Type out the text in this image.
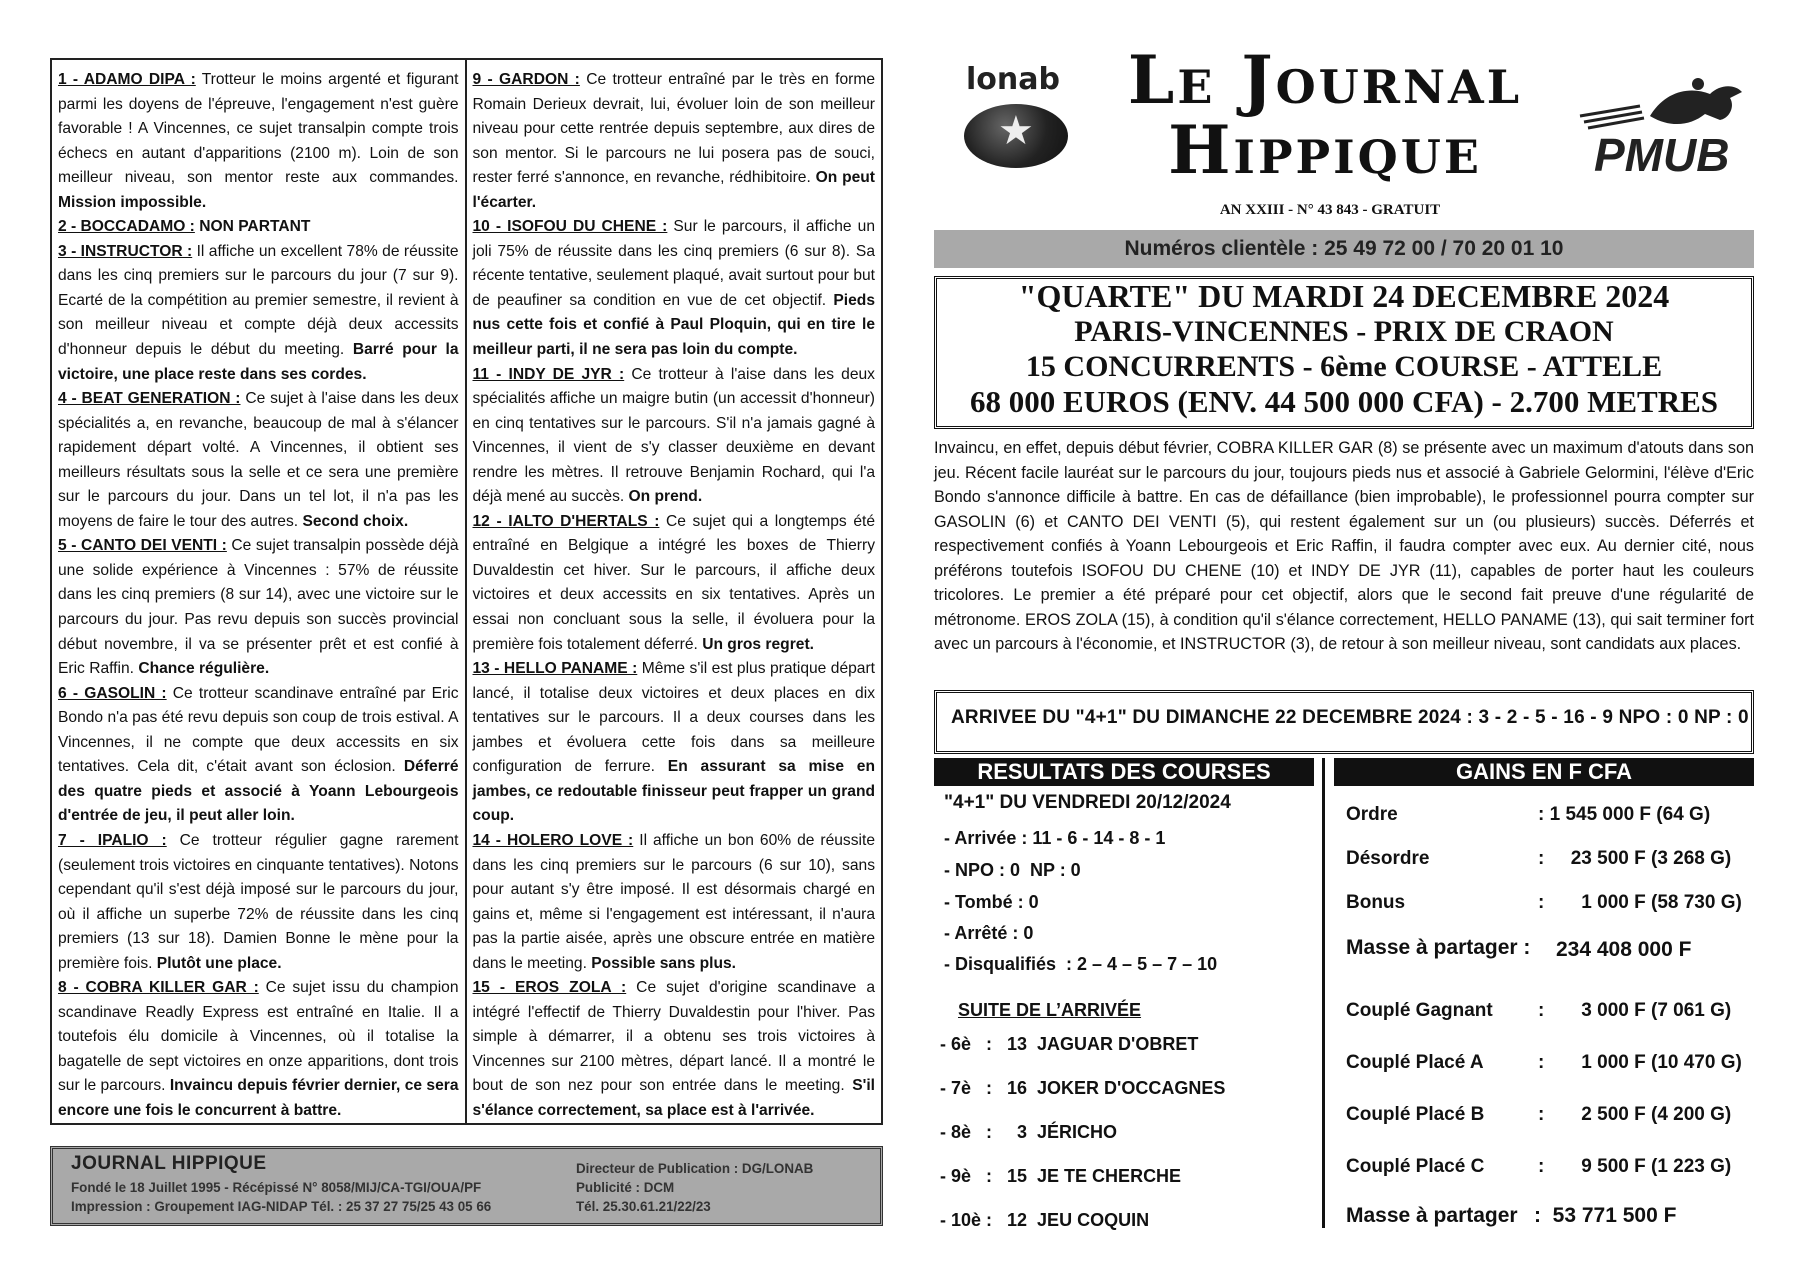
1 - ADAMO DIPA : Trotteur le moins argenté et figurant parmi les doyens de l'épreuve, l'engagement n'est guère favorable ! A Vincennes, ce sujet transalpin compte trois échecs en autant d'apparitions (2100 m). Loin de son meilleur niveau, son mentor reste aux commandes. Mission impossible.

2 - BOCCADAMO : NON PARTANT

3 - INSTRUCTOR : Il affiche un excellent 78% de réussite dans les cinq premiers sur le parcours du jour (7 sur 9). Ecarté de la compétition au premier semestre, il revient à son meilleur niveau et compte déjà deux accessits d'honneur depuis le début du meeting. Barré pour la victoire, une place reste dans ses cordes.

4 - BEAT GENERATION : Ce sujet à l'aise dans les deux spécialités a, en revanche, beaucoup de mal à s'élancer rapidement départ volté. A Vincennes, il obtient ses meilleurs résultats sous la selle et ce sera une première sur le parcours du jour. Dans un tel lot, il n'a pas les moyens de faire le tour des autres. Second choix.

5 - CANTO DEI VENTI : Ce sujet transalpin possède déjà une solide expérience à Vincennes : 57% de réussite dans les cinq premiers (8 sur 14), avec une victoire sur le parcours du jour. Pas revu depuis son succès provincial début novembre, il va se présenter prêt et est confié à Eric Raffin. Chance régulière.

6 - GASOLIN : Ce trotteur scandinave entraîné par Eric Bondo n'a pas été revu depuis son coup de trois estival. A Vincennes, il ne compte que deux accessits en six tentatives. Cela dit, c'était avant son éclosion. Déferré des quatre pieds et associé à Yoann Lebourgeois d'entrée de jeu, il peut aller loin.

7 - IPALIO : Ce trotteur régulier gagne rarement (seulement trois victoires en cinquante tentatives). Notons cependant qu'il s'est déjà imposé sur le parcours du jour, où il affiche un superbe 72% de réussite dans les cinq premiers (13 sur 18). Damien Bonne le mène pour la première fois. Plutôt une place.

8 - COBRA KILLER GAR : Ce sujet issu du champion scandinave Readly Express est entraîné en Italie. Il a toutefois élu domicile à Vincennes, où il totalise la bagatelle de sept victoires en onze apparitions, dont trois sur le parcours. Invaincu depuis février dernier, ce sera encore une fois le concurrent à battre.

9 - GARDON : Ce trotteur entraîné par le très en forme Romain Derieux devrait, lui, évoluer loin de son meilleur niveau pour cette rentrée depuis septembre, aux dires de son mentor. Si le parcours ne lui posera pas de souci, rester ferré s'annonce, en revanche, rédhibitoire. On peut l'écarter.

10 - ISOFOU DU CHENE : Sur le parcours, il affiche un joli 75% de réussite dans les cinq premiers (6 sur 8). Sa récente tentative, seulement plaqué, avait surtout pour but de peaufiner sa condition en vue de cet objectif. Pieds nus cette fois et confié à Paul Ploquin, qui en tire le meilleur parti, il ne sera pas loin du compte.

11 - INDY DE JYR : Ce trotteur à l'aise dans les deux spécialités affiche un maigre butin (un accessit d'honneur) en cinq tentatives sur le parcours. S'il n'a jamais gagné à Vincennes, il vient de s'y classer deuxième en devant rendre les mètres. Il retrouve Benjamin Rochard, qui l'a déjà mené au succès. On prend.

12 - IALTO D'HERTALS : Ce sujet qui a longtemps été entraîné en Belgique a intégré les boxes de Thierry Duvaldestin cet hiver. Sur le parcours, il affiche deux victoires et deux accessits en six tentatives. Après un essai non concluant sous la selle, il évoluera pour la première fois totalement déferré. Un gros regret.

13 - HELLO PANAME : Même s'il est plus pratique départ lancé, il totalise deux victoires et deux places en dix tentatives sur le parcours. Il a deux courses dans les jambes et évoluera cette fois dans sa meilleure configuration de ferrure. En assurant sa mise en jambes, ce redoutable finisseur peut frapper un grand coup.

14 - HOLERO LOVE : Il affiche un bon 60% de réussite dans les cinq premiers sur le parcours (6 sur 10), sans pour autant s'y être imposé. Il est désormais chargé en gains et, même si l'engagement est intéressant, il n'aura pas la partie aisée, après une obscure entrée en matière dans le meeting. Possible sans plus.

15 - EROS ZOLA : Ce sujet d'origine scandinave a intégré l'effectif de Thierry Duvaldestin pour l'hiver. Pas simple à démarrer, il a obtenu ses trois victoires à Vincennes sur 2100 mètres, départ lancé. Il a montré le bout de son nez pour son entrée dans le meeting. S'il s'élance correctement, sa place est à l'arrivée.

JOURNAL HIPPIQUE
Fondé le 18 Juillet 1995 - Récépissé N° 8058/MIJ/CA-TGI/OUA/PF
Impression : Groupement IAG-NIDAP Tél. : 25 37 27 75/25 43 05 66
Directeur de Publication : DG/LONAB
Publicité : DCM
Tél. 25.30.61.21/22/23
lonab
★
Le Journal
Hippique
AN XXIII - N° 43 843 - GRATUIT
PMUB
Numéros clientèle : 25 49 72 00 / 70 20 01 10
"QUARTE" DU MARDI 24 DECEMBRE 2024
PARIS-VINCENNES - PRIX DE CRAON
15 CONCURRENTS - 6ème COURSE - ATTELE
68 000 EUROS (ENV. 44 500 000 CFA) - 2.700 METRES
Invaincu, en effet, depuis début février, COBRA KILLER GAR (8) se présente avec un maximum d'atouts dans son jeu. Récent facile lauréat sur le parcours du jour, toujours pieds nus et associé à Gabriele Gelormini, l'élève d'Eric Bondo s'annonce difficile à battre. En cas de défaillance (bien improbable), le professionnel pourra compter sur GASOLIN (6) et CANTO DEI VENTI (5), qui restent également sur un (ou plusieurs) succès. Déferrés et respectivement confiés à Yoann Lebourgeois et Eric Raffin, il faudra compter avec eux. Au dernier cité, nous préférons toutefois ISOFOU DU CHENE (10) et INDY DE JYR (11), capables de porter haut les couleurs tricolores. Le premier a été préparé pour cet objectif, alors que le second fait preuve d'une régularité de métronome. EROS ZOLA (15), à condition qu'il s'élance correctement, HELLO PANAME (13), qui sait terminer fort avec un parcours à l'économie, et INSTRUCTOR (3), de retour à son meilleur niveau, sont candidats aux places.
ARRIVEE DU "4+1" DU DIMANCHE 22 DECEMBRE 2024 : 3 - 2 - 5 - 16 - 9 NPO : 0 NP : 0
RESULTATS DES COURSES	GAINS EN F CFA
"4+1" DU VENDREDI 20/12/2024
- Arrivée : 11 - 6 - 14 - 8 - 1
- NPO : 0  NP : 0
- Tombé : 0
- Arrêté : 0
- Disqualifiés  : 2 – 4 – 5 – 7 – 10
SUITE DE L’ARRIVÉE
- 6è   :   13  JAGUAR D'OBRET
- 7è   :   16  JOKER D'OCCAGNES
- 8è   :     3  JÉRICHO
- 9è   :   15  JE TE CHERCHE
- 10è :   12  JEU COQUIN
Ordre	: 1 545 000 F (64 G)
Désordre	:     23 500 F (3 268 G)
Bonus	:       1 000 F (58 730 G)
Masse à partager : 234 408 000 F
Couplé Gagnant :       3 000 F (7 061 G)
Couplé Placé A	:       1 000 F (10 470 G)
Couplé Placé B	:       2 500 F (4 200 G)
Couplé Placé C	:       9 500 F (1 223 G)
Masse à partager :  53 771 500 F
